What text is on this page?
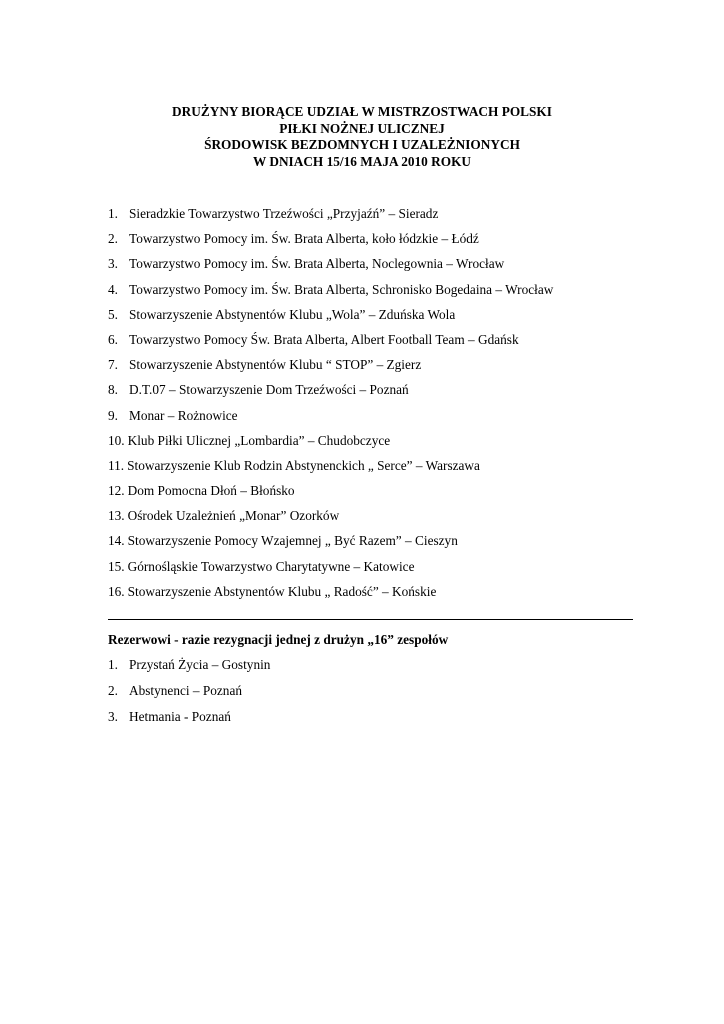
DRUŻYNY BIORĄCE UDZIAŁ W MISTRZOSTWACH POLSKI
PIŁKI NOŻNEJ ULICZNEJ
ŚRODOWISK BEZDOMNYCH I UZALEŻNIONYCH
W DNIACH 15/16 MAJA 2010 ROKU
1. Sieradzkie Towarzystwo Trzeźwości „Przyjaźń” – Sieradz
2. Towarzystwo Pomocy im. Św. Brata Alberta, koło łódzkie – Łódź
3. Towarzystwo Pomocy im. Św. Brata Alberta, Noclegownia – Wrocław
4. Towarzystwo Pomocy im. Św. Brata Alberta, Schronisko Bogedaina – Wrocław
5. Stowarzyszenie Abstynentów Klubu „Wola” – Zduńska Wola
6. Towarzystwo Pomocy Św. Brata Alberta, Albert Football Team – Gdańsk
7. Stowarzyszenie Abstynentów Klubu “ STOP” – Zgierz
8. D.T.07 – Stowarzyszenie Dom Trzeźwości – Poznań
9. Monar – Rożnowice
10. Klub Piłki Ulicznej „Lombardia” – Chudobczyce
11. Stowarzyszenie Klub Rodzin Abstynenckich „ Serce” – Warszawa
12. Dom Pomocna Dłoń – Błońsko
13. Ośrodek Uzależnień „Monar” Ozorków
14. Stowarzyszenie Pomocy Wzajemnej „ Być Razem” – Cieszyn
15. Górnośląskie Towarzystwo Charytatywne – Katowice
16. Stowarzyszenie Abstynentów Klubu „ Radość” – Końskie
Rezerwowi - razie rezygnacji jednej z drużyn „16” zespołów
1. Przystań Życia – Gostynin
2. Abstynenci – Poznań
3. Hetmania - Poznań
